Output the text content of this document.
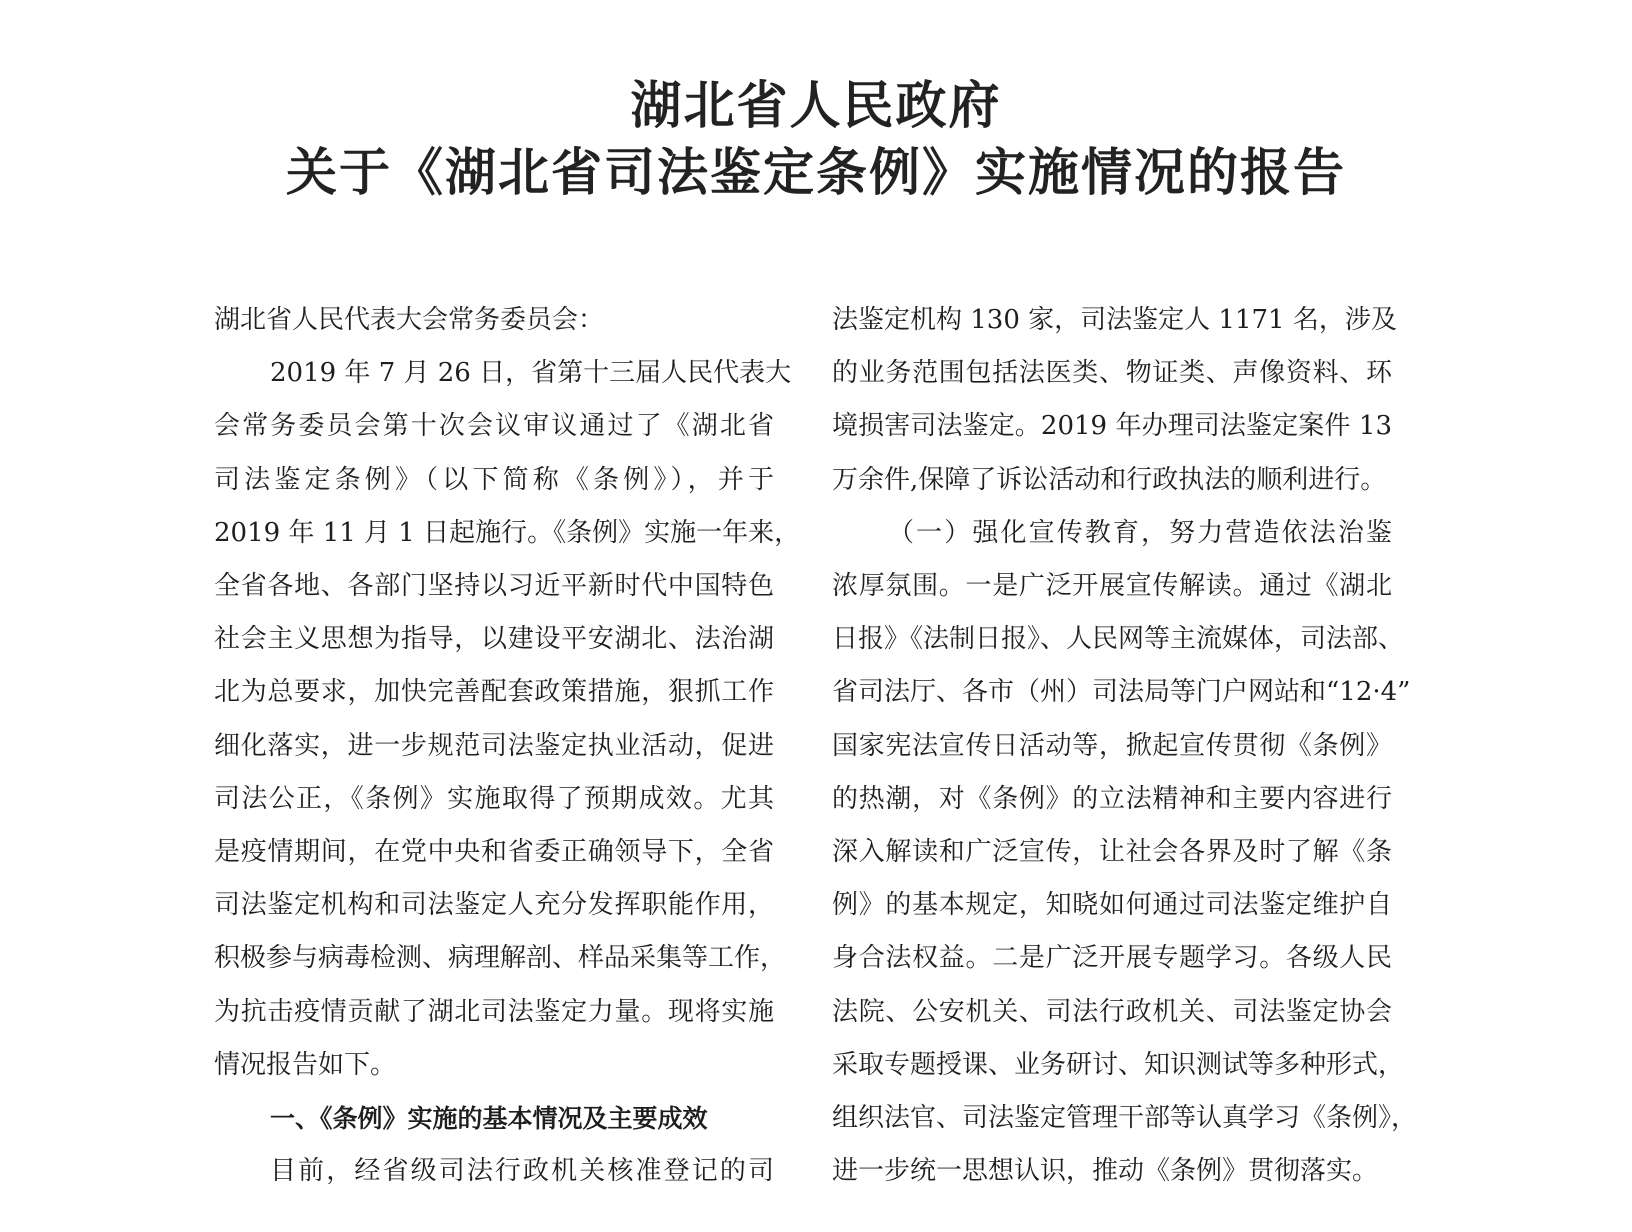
湖北省人民政府
关于《湖北省司法鉴定条例》实施情况的报告

湖北省人民代表大会常务委员会：

2019 年 7 月 26 日，省第十三届人民代表大
会常务委员会第十次会议审议通过了《湖北省
司法鉴定条例》（以下简称《条例》），并于
2019 年 11 月 1 日起施行。《条例》实施一年来，
全省各地、各部门坚持以习近平新时代中国特色
社会主义思想为指导，以建设平安湖北、法治湖
北为总要求，加快完善配套政策措施，狠抓工作
细化落实，进一步规范司法鉴定执业活动，促进
司法公正，《条例》实施取得了预期成效。尤其
是疫情期间，在党中央和省委正确领导下，全省
司法鉴定机构和司法鉴定人充分发挥职能作用，
积极参与病毒检测、病理解剖、样品采集等工作，
为抗击疫情贡献了湖北司法鉴定力量。现将实施
情况报告如下。

一、《条例》实施的基本情况及主要成效

目前，经省级司法行政机关核准登记的司

法鉴定机构 130 家，司法鉴定人 1171 名，涉及
的业务范围包括法医类、物证类、声像资料、环
境损害司法鉴定。2019 年办理司法鉴定案件 13
万余件,保障了诉讼活动和行政执法的顺利进行。

（一）强化宣传教育，努力营造依法治鉴
浓厚氛围。一是广泛开展宣传解读。通过《湖北
日报》《法制日报》、人民网等主流媒体，司法部、
省司法厅、各市（州）司法局等门户网站和“12·4”
国家宪法宣传日活动等，掀起宣传贯彻《条例》
的热潮，对《条例》的立法精神和主要内容进行
深入解读和广泛宣传，让社会各界及时了解《条
例》的基本规定，知晓如何通过司法鉴定维护自
身合法权益。二是广泛开展专题学习。各级人民
法院、公安机关、司法行政机关、司法鉴定协会
采取专题授课、业务研讨、知识测试等多种形式，
组织法官、司法鉴定管理干部等认真学习《条例》，
进一步统一思想认识，推动《条例》贯彻落实。
